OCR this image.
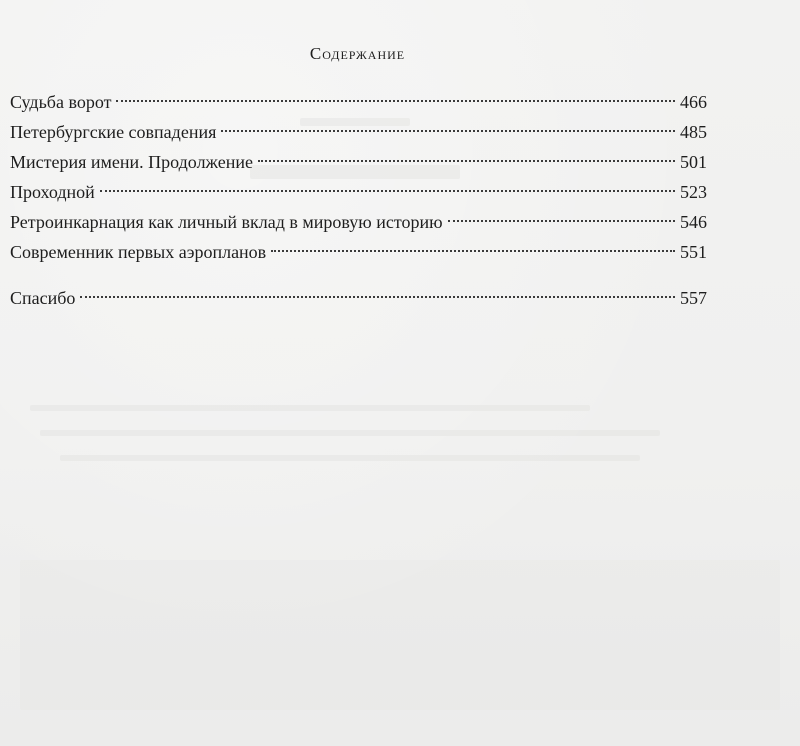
Содержание
Судьба ворот	466
Петербургские совпадения	485
Мистерия имени. Продолжение	501
Проходной	523
Ретроинкарнация как личный вклад в мировую историю	546
Современник первых аэропланов	551
Спасибо	557
